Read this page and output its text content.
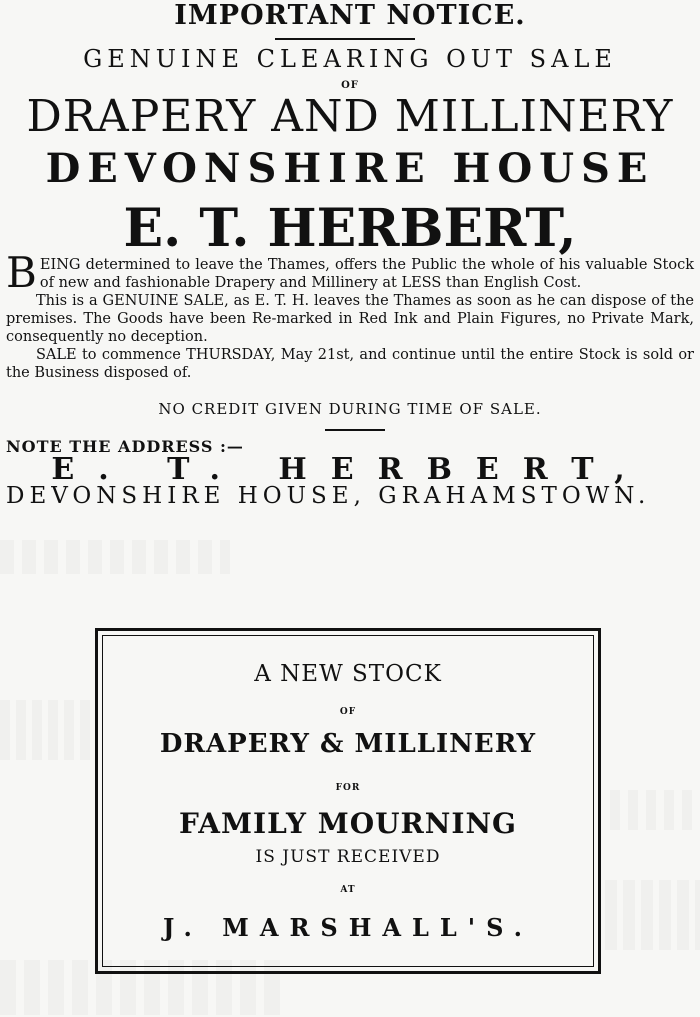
IMPORTANT NOTICE.
GENUINE CLEARING OUT SALE
OF
DRAPERY AND MILLINERY
DEVONSHIRE HOUSE
E. T. HERBERT,

BEING determined to leave the Thames, offers the Public the whole of his valuable Stock of new and fashionable Drapery and Millinery at LESS than English Cost.

This is a GENUINE SALE, as E. T. H. leaves the Thames as soon as he can dispose of the premises. The Goods have been Re-marked in Red Ink and Plain Figures, no Private Mark, consequently no deception.

SALE to commence THURSDAY, May 21st, and continue until the entire Stock is sold or the Business disposed of.

NO CREDIT GIVEN DURING TIME OF SALE.
NOTE THE ADDRESS :—
E. T. HERBERT,
DEVONSHIRE HOUSE, GRAHAMSTOWN.
A NEW STOCK
OF
DRAPERY & MILLINERY
FOR
FAMILY MOURNING
IS JUST RECEIVED
AT
J. MARSHALL'S.
